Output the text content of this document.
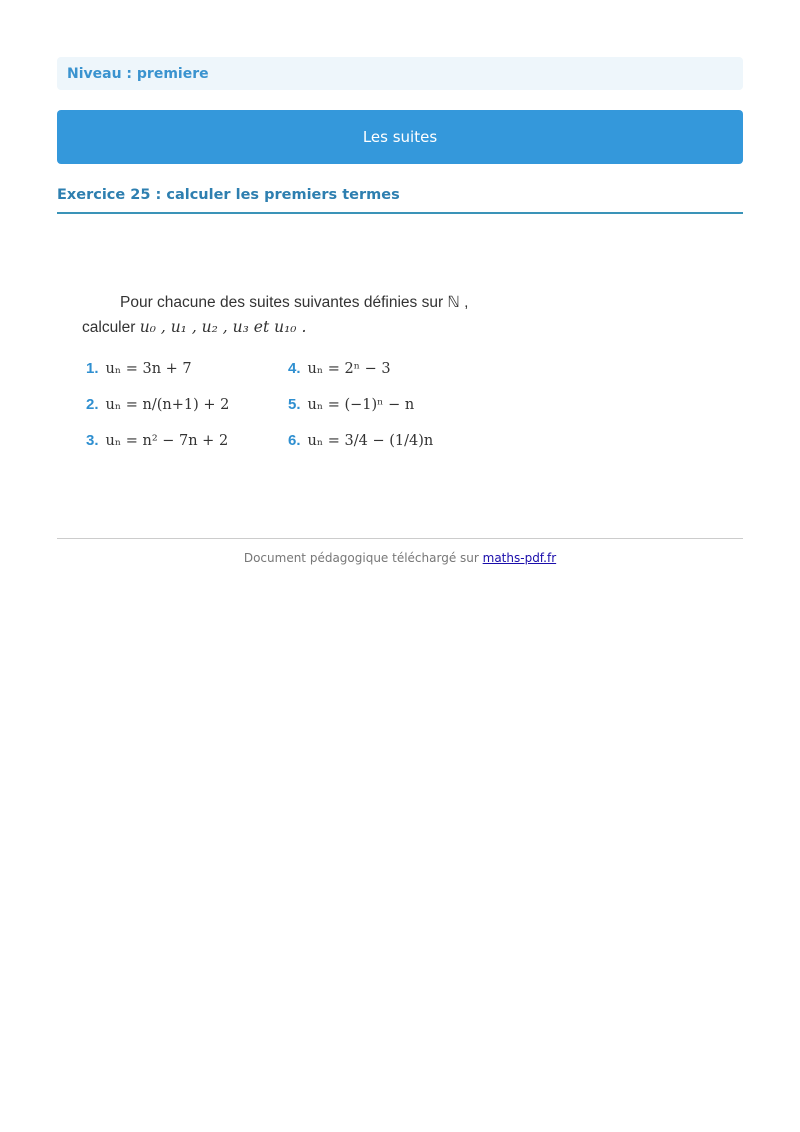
Niveau : premiere
Les suites
Exercice 25 : calculer les premiers termes
Pour chacune des suites suivantes définies sur ℕ ,
calculer u₀ , u₁ , u₂ , u₃ et u₁₀ .
1. uₙ = 3n + 7
2. uₙ = n/(n+1) + 2
3. uₙ = n² − 7n + 2
4. uₙ = 2ⁿ − 3
5. uₙ = (−1)ⁿ − n
6. uₙ = 3/4 − (1/4)n
Document pédagogique téléchargé sur maths-pdf.fr
